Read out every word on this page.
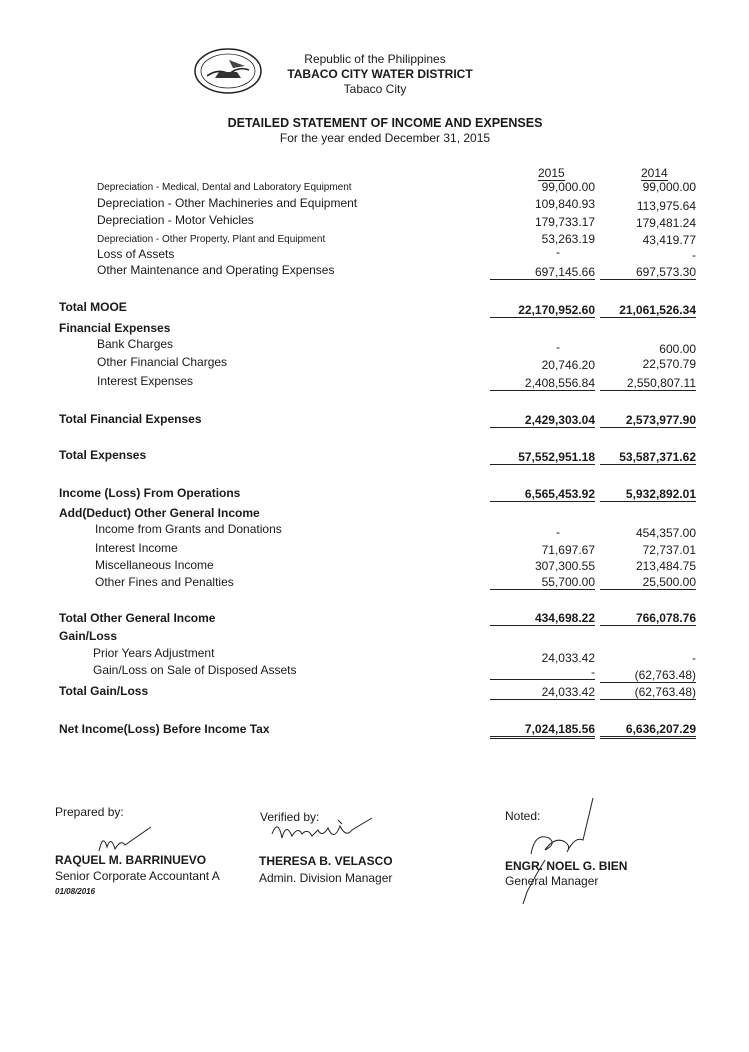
Republic of the Philippines
TABACO CITY WATER DISTRICT
Tabaco City
DETAILED STATEMENT OF INCOME AND EXPENSES
For the year ended December 31, 2015
2015	2014
Depreciation - Medical, Dental and Laboratory Equipment	99,000.00	99,000.00
Depreciation - Other Machineries and Equipment	109,840.93	113,975.64
Depreciation - Motor Vehicles	179,733.17	179,481.24
Depreciation - Other Property, Plant and Equipment	53,263.19	43,419.77
Loss of Assets	-	-
Other Maintenance and Operating Expenses	697,145.66	697,573.30
Total MOOE	22,170,952.60	21,061,526.34
Financial Expenses
Bank Charges	-	600.00
Other Financial Charges	20,746.20	22,570.79
Interest Expenses	2,408,556.84	2,550,807.11
Total Financial Expenses	2,429,303.04	2,573,977.90
Total Expenses	57,552,951.18	53,587,371.62
Income (Loss) From Operations	6,565,453.92	5,932,892.01
Add(Deduct) Other General Income
Income from Grants and Donations	-	454,357.00
Interest Income	71,697.67	72,737.01
Miscellaneous Income	307,300.55	213,484.75
Other Fines and Penalties	55,700.00	25,500.00
Total Other General Income	434,698.22	766,078.76
Gain/Loss
Prior Years Adjustment	24,033.42	-
Gain/Loss on Sale of Disposed Assets	-	(62,763.48)
Total Gain/Loss	24,033.42	(62,763.48)
Net Income(Loss) Before Income Tax	7,024,185.56	6,636,207.29
Prepared by:
RAQUEL M. BARRINUEVO
Senior Corporate Accountant A
01/08/2016
Verified by:
THERESA B. VELASCO
Admin. Division Manager
Noted:
ENGR. NOEL G. BIEN
General Manager
